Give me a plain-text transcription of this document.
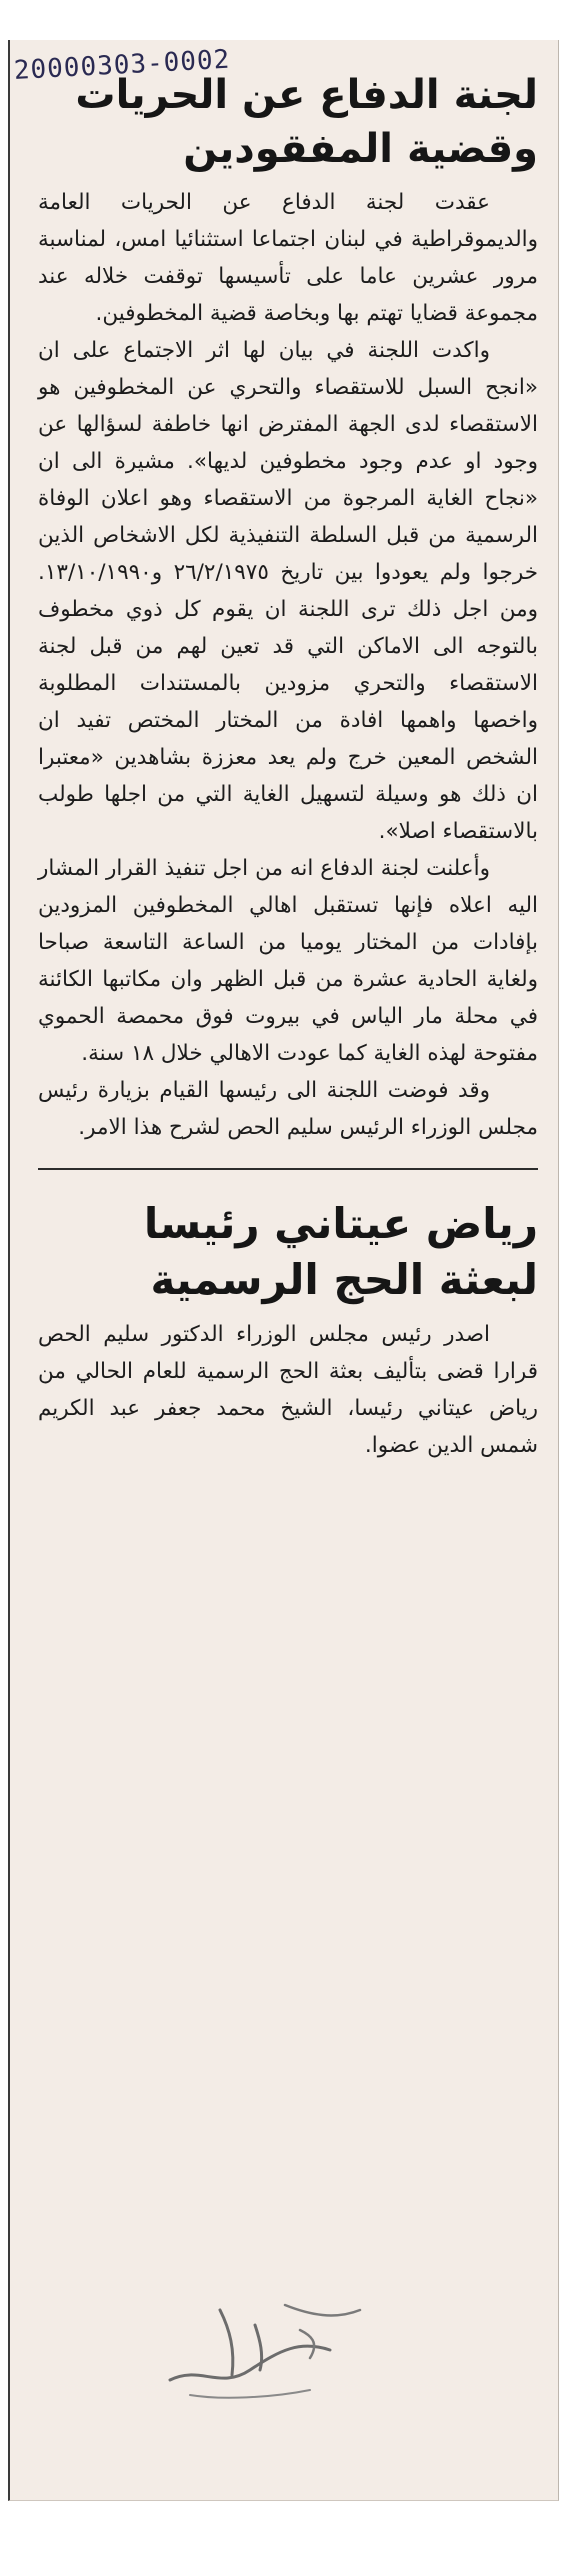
20000303-0002
لجنة الدفاع عن الحريات
وقضية المفقودين

عقدت لجنة الدفاع عن الحريات العامة والديموقراطية في لبنان اجتماعا استثنائيا امس، لمناسبة مرور عشرين عاما على تأسيسها توقفت خلاله عند مجموعة قضايا تهتم بها وبخاصة قضية المخطوفين.

واكدت اللجنة في بيان لها اثر الاجتماع على ان «انجح السبل للاستقصاء والتحري عن المخطوفين هو الاستقصاء لدى الجهة المفترض انها خاطفة لسؤالها عن وجود او عدم وجود مخطوفين لديها». مشيرة الى ان «نجاح الغاية المرجوة من الاستقصاء وهو اعلان الوفاة الرسمية من قبل السلطة التنفيذية لكل الاشخاص الذين خرجوا ولم يعودوا بين تاريخ ٢٦/٢/١٩٧٥ و١٣/١٠/١٩٩٠. ومن اجل ذلك ترى اللجنة ان يقوم كل ذوي مخطوف بالتوجه الى الاماكن التي قد تعين لهم من قبل لجنة الاستقصاء والتحري مزودين بالمستندات المطلوبة واخصها واهمها افادة من المختار المختص تفيد ان الشخص المعين خرج ولم يعد معززة بشاهدين «معتبرا ان ذلك هو وسيلة لتسهيل الغاية التي من اجلها طولب بالاستقصاء اصلا».

وأعلنت لجنة الدفاع انه من اجل تنفيذ القرار المشار اليه اعلاه فإنها تستقبل اهالي المخطوفين المزودين بإفادات من المختار يوميا من الساعة التاسعة صباحا ولغاية الحادية عشرة من قبل الظهر وان مكاتبها الكائنة في محلة مار الياس في بيروت فوق محمصة الحموي مفتوحة لهذه الغاية كما عودت الاهالي خلال ١٨ سنة.

وقد فوضت اللجنة الى رئيسها القيام بزيارة رئيس مجلس الوزراء الرئيس سليم الحص لشرح هذا الامر.

رياض عيتاني رئيسا
لبعثة الحج الرسمية

اصدر رئيس مجلس الوزراء الدكتور سليم الحص قرارا قضى بتأليف بعثة الحج الرسمية للعام الحالي من رياض عيتاني رئيسا، الشيخ محمد جعفر عبد الكريم شمس الدين عضوا.
